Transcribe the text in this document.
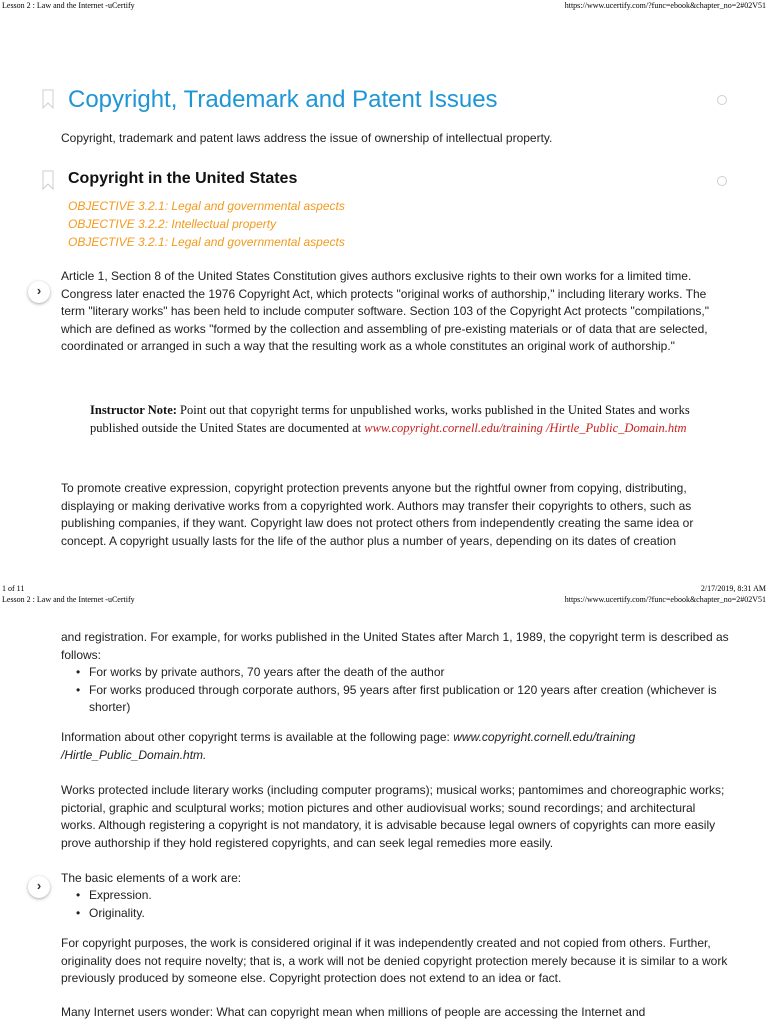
Lesson 2 : Law and the Internet -uCertify	https://www.ucertify.com/?func=ebook&chapter_no=2#02V51
Copyright, Trademark and Patent Issues
Copyright, trademark and patent laws address the issue of ownership of intellectual property.
Copyright in the United States
OBJECTIVE 3.2.1: Legal and governmental aspects
OBJECTIVE 3.2.2: Intellectual property
OBJECTIVE 3.2.1: Legal and governmental aspects
›
Article 1, Section 8 of the United States Constitution gives authors exclusive rights to their own works for a limited time. Congress later enacted the 1976 Copyright Act, which protects "original works of authorship," including literary works. The term "literary works" has been held to include computer software. Section 103 of the Copyright Act protects "compilations," which are defined as works "formed by the collection and assembling of pre-existing materials or of data that are selected, coordinated or arranged in such a way that the resulting work as a whole constitutes an original work of authorship."
Instructor Note: Point out that copyright terms for unpublished works, works published in the United States and works published outside the United States are documented at www.copyright.cornell.edu/training /Hirtle_Public_Domain.htm
To promote creative expression, copyright protection prevents anyone but the rightful owner from copying, distributing, displaying or making derivative works from a copyrighted work. Authors may transfer their copyrights to others, such as publishing companies, if they want. Copyright law does not protect others from independently creating the same idea or concept. A copyright usually lasts for the life of the author plus a number of years, depending on its dates of creation
1 of 11	2/17/2019, 8:31 AM
Lesson 2 : Law and the Internet -uCertify	https://www.ucertify.com/?func=ebook&chapter_no=2#02V51
and registration. For example, for works published in the United States after March 1, 1989, the copyright term is described as follows:
• For works by private authors, 70 years after the death of the author
• For works produced through corporate authors, 95 years after first publication or 120 years after creation (whichever is shorter)
Information about other copyright terms is available at the following page: www.copyright.cornell.edu/training /Hirtle_Public_Domain.htm.
Works protected include literary works (including computer programs); musical works; pantomimes and choreographic works; pictorial, graphic and sculptural works; motion pictures and other audiovisual works; sound recordings; and architectural works. Although registering a copyright is not mandatory, it is advisable because legal owners of copyrights can more easily prove authorship if they hold registered copyrights, and can seek legal remedies more easily.
›	The basic elements of a work are:
• Expression.
• Originality.
For copyright purposes, the work is considered original if it was independently created and not copied from others. Further, originality does not require novelty; that is, a work will not be denied copyright protection merely because it is similar to a work previously produced by someone else. Copyright protection does not extend to an idea or fact.
Many Internet users wonder: What can copyright mean when millions of people are accessing the Internet and
